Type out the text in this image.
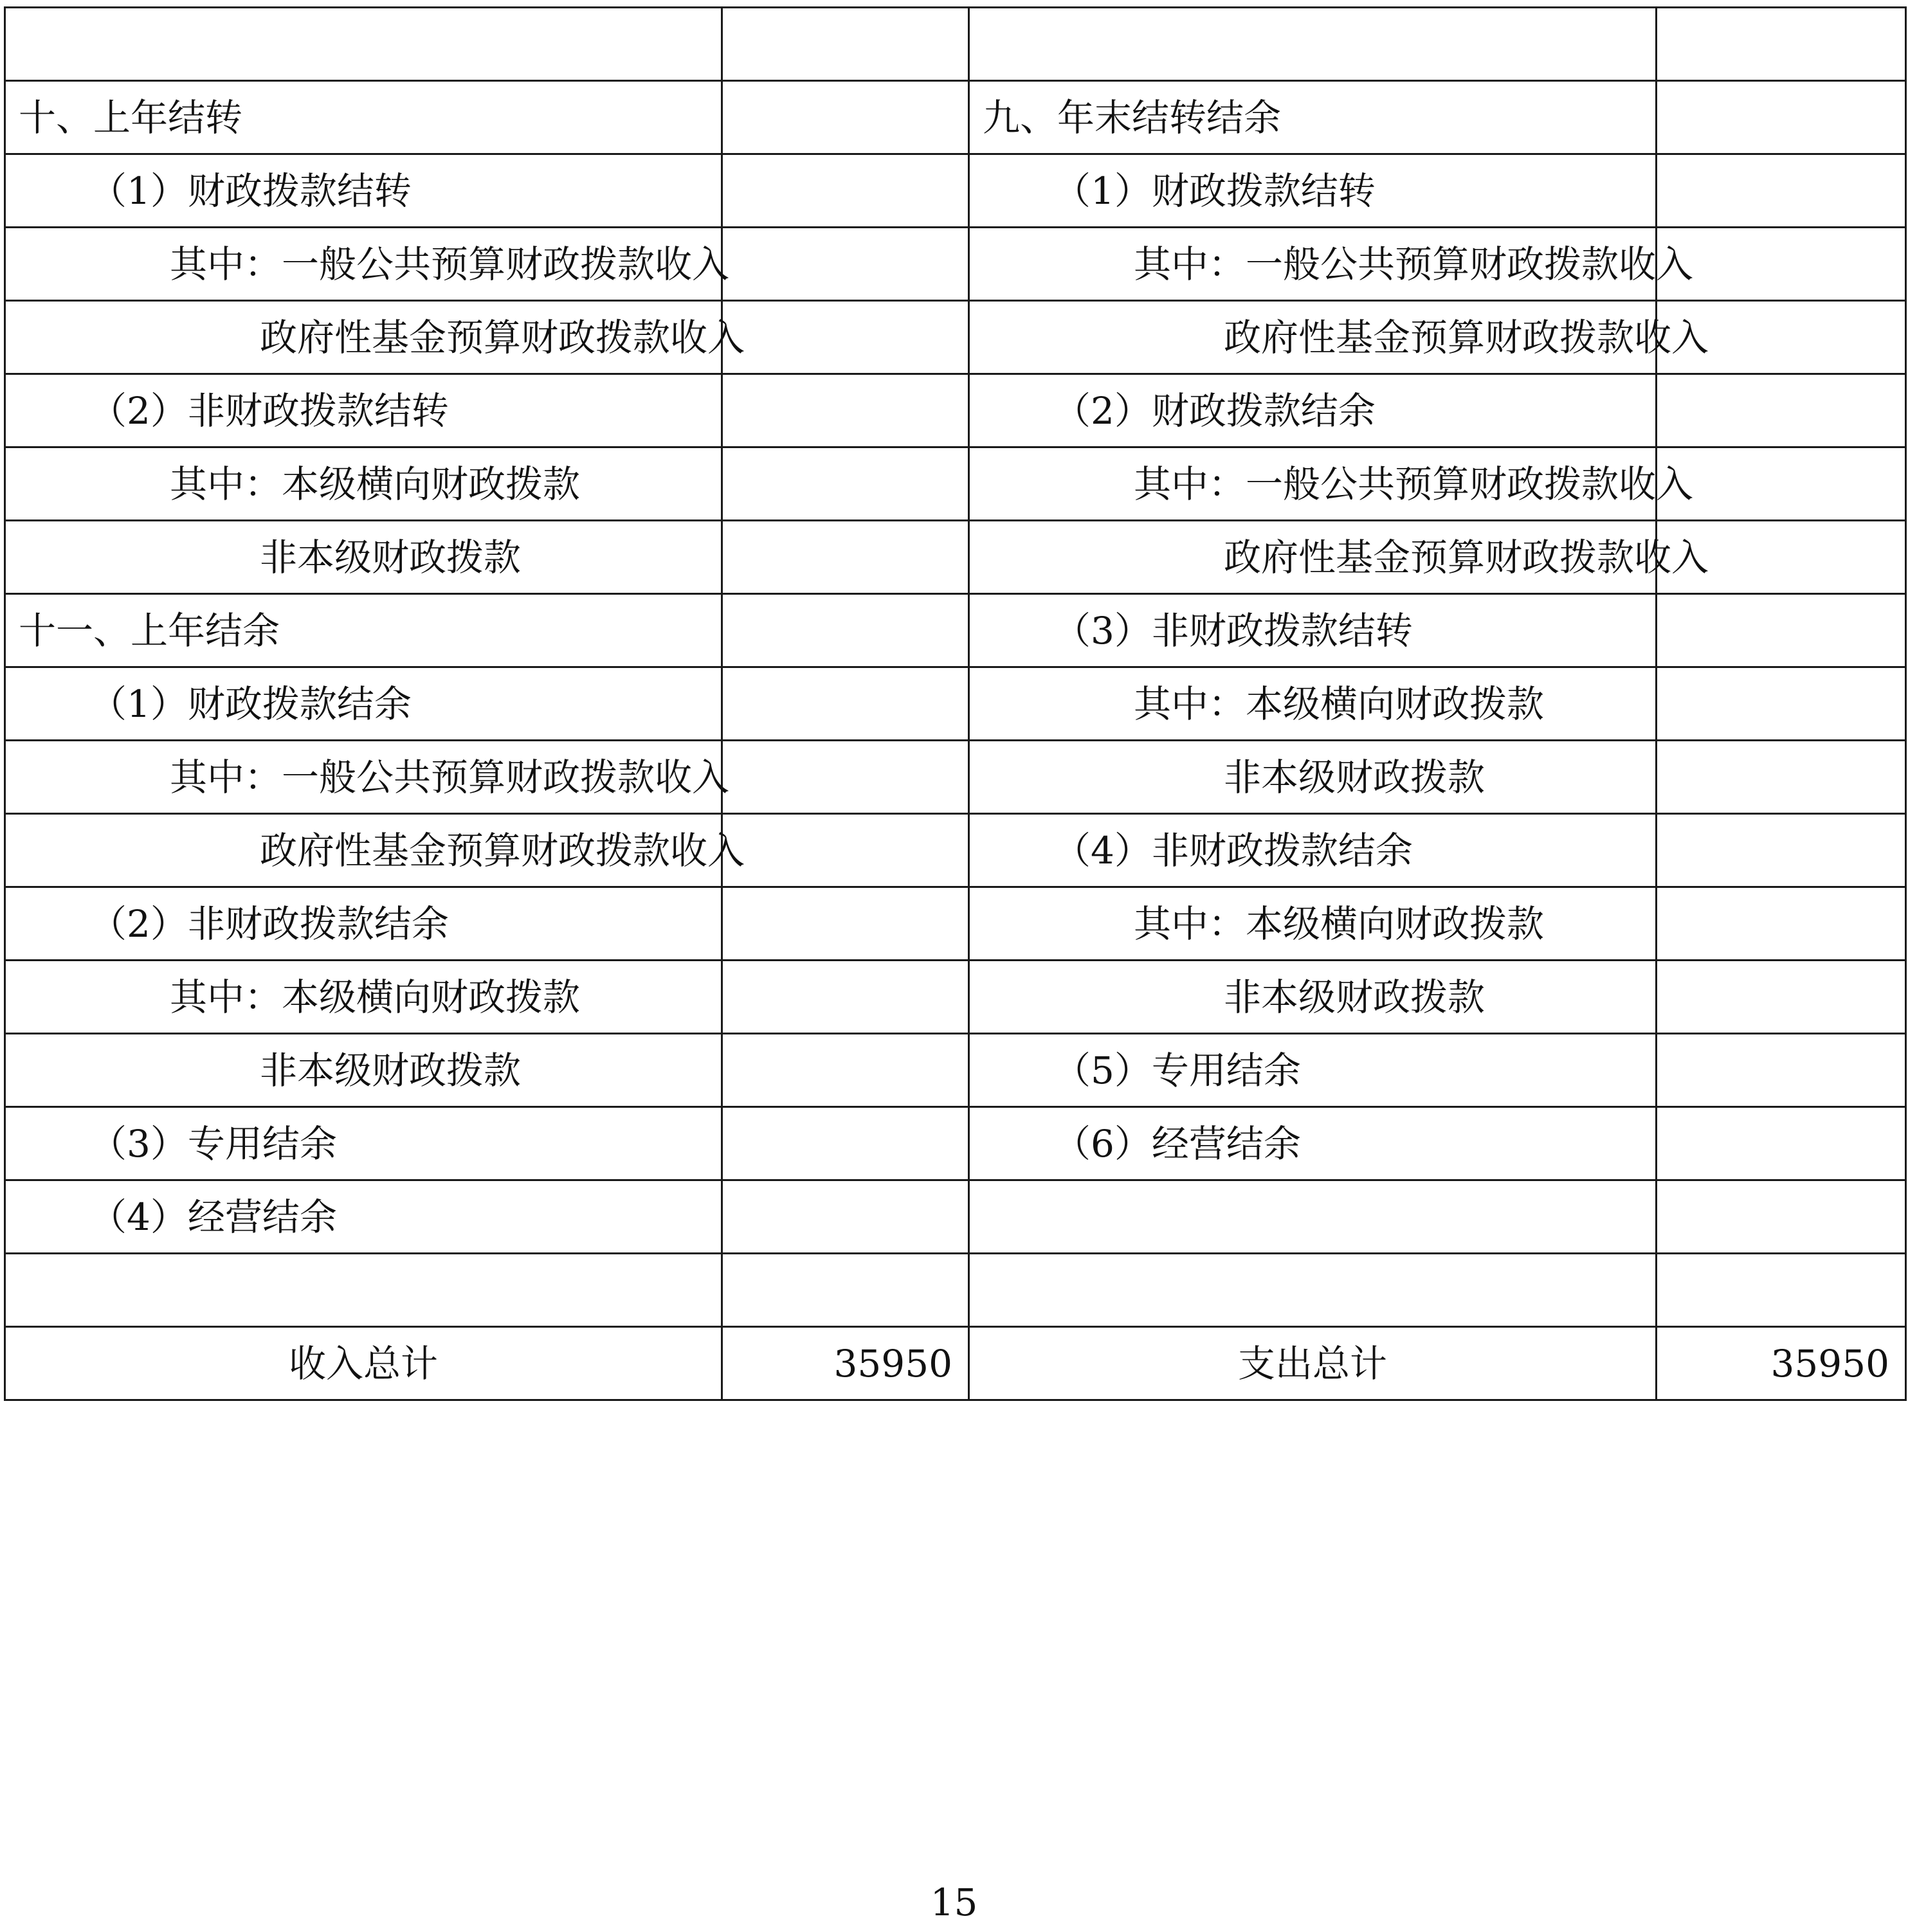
十、上年结转		九、年末结转结余	
（1）财政拨款结转		（1）财政拨款结转	
其中：一般公共预算财政拨款收入		其中：一般公共预算财政拨款收入	
政府性基金预算财政拨款收入		政府性基金预算财政拨款收入	
（2）非财政拨款结转		（2）财政拨款结余	
其中：本级横向财政拨款		其中：一般公共预算财政拨款收入	
非本级财政拨款		政府性基金预算财政拨款收入	
十一、上年结余		（3）非财政拨款结转	
（1）财政拨款结余		其中：本级横向财政拨款	
其中：一般公共预算财政拨款收入		非本级财政拨款	
政府性基金预算财政拨款收入		（4）非财政拨款结余	
（2）非财政拨款结余		其中：本级横向财政拨款	
其中：本级横向财政拨款		非本级财政拨款	
非本级财政拨款		（5）专用结余	
（3）专用结余		（6）经营结余	
（4）经营结余			

收入总计	35950	支出总计	35950
15
